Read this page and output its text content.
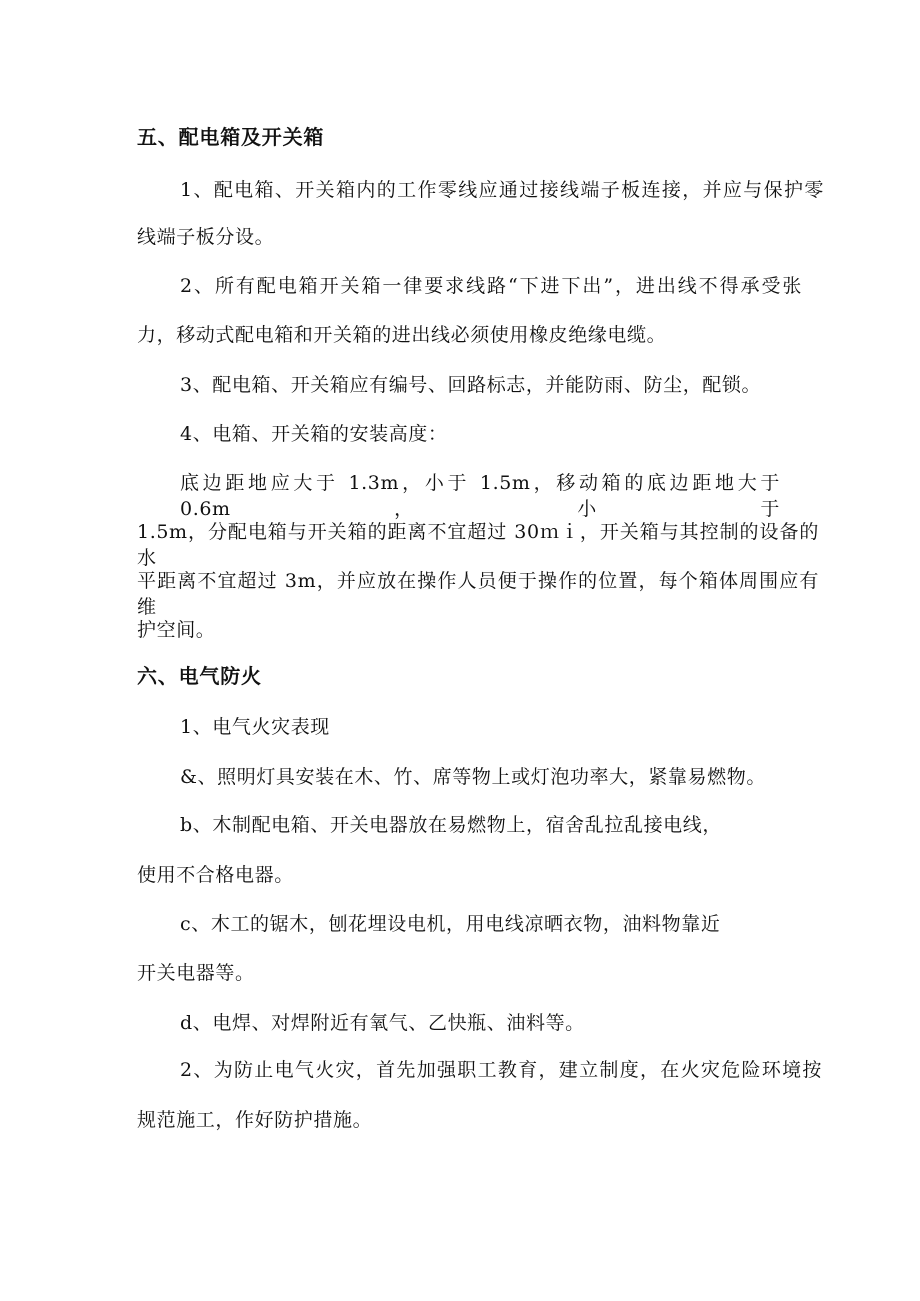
五、配电箱及开关箱
1、配电箱、开关箱内的工作零线应通过接线端子板连接，并应与保护零
线端子板分设。
2、所有配电箱开关箱一律要求线路“下进下出”，进出线不得承受张
力，移动式配电箱和开关箱的进出线必须使用橡皮绝缘电缆。
3、配电箱、开关箱应有编号、回路标志，并能防雨、防尘，配锁。
4、电箱、开关箱的安装高度：
底边距地应大于 1.3m，小于 1.5m，移动箱的底边距地大于 0.6m，小于
1.5m，分配电箱与开关箱的距离不宜超过 30ｍｉ，开关箱与其控制的设备的水
平距离不宜超过 3m，并应放在操作人员便于操作的位置，每个箱体周围应有维
护空间。
六、电气防火
1、电气火灾表现
&、照明灯具安装在木、竹、席等物上或灯泡功率大，紧靠易燃物。
b、木制配电箱、开关电器放在易燃物上，宿舍乱拉乱接电线，
使用不合格电器。
c、木工的锯木，刨花埋设电机，用电线凉晒衣物，油料物靠近
开关电器等。
d、电焊、对焊附近有氧气、乙快瓶、油料等。
2、为防止电气火灾，首先加强职工教育，建立制度，在火灾危险环境按
规范施工，作好防护措施。
